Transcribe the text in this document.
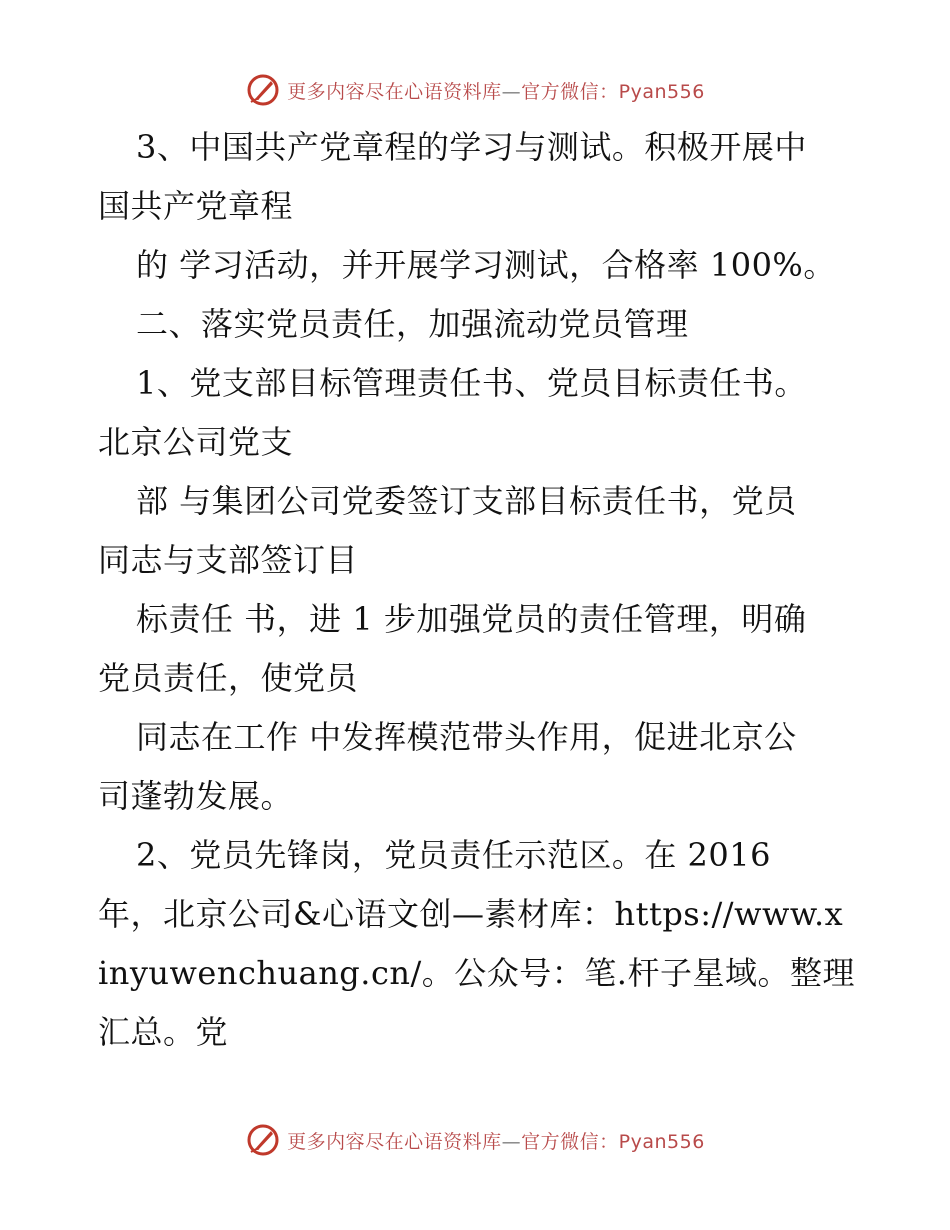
更多内容尽在心语资料库—官方微信：Pyan556
3、中国共产党章程的学习与测试。积极开展中
国共产党章程
的 学习活动，并开展学习测试，合格率 100%。
二、落实党员责任，加强流动党员管理
1、党支部目标管理责任书、党员目标责任书。
北京公司党支
部 与集团公司党委签订支部目标责任书，党员
同志与支部签订目
标责任 书，进 1 步加强党员的责任管理，明确
党员责任，使党员
同志在工作 中发挥模范带头作用，促进北京公
司蓬勃发展。
2、党员先锋岗，党员责任示范区。在 2016
年，北京公司&心语文创—素材库：https://www.x
inyuwenchuang.cn/。公众号：笔.杆子星域。整理
汇总。党
更多内容尽在心语资料库—官方微信：Pyan556
